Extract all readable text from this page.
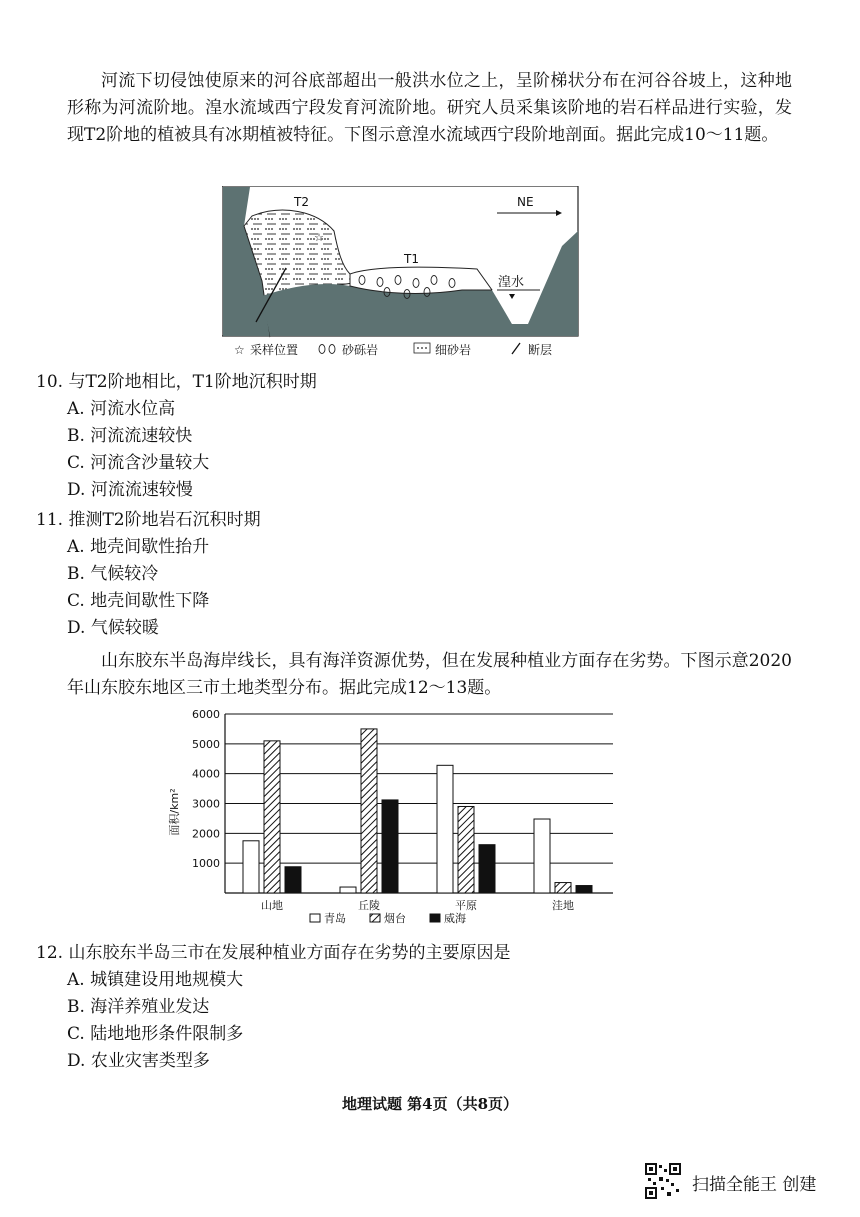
河流下切侵蚀使原来的河谷底部超出一般洪水位之上，呈阶梯状分布在河谷谷坡上，这种地形称为河流阶地。湟水流域西宁段发育河流阶地。研究人员采集该阶地的岩石样品进行实验，发现T2阶地的植被具有冰期植被特征。下图示意湟水流域西宁段阶地剖面。据此完成10～11题。

T2
T1
湟水
☆
NE
☆ 采样位置	砂砾岩	细砂岩	断层
10. 与T2阶地相比，T1阶地沉积时期
A. 河流水位高
B. 河流流速较快
C. 河流含沙量较大
D. 河流流速较慢
11. 推测T2阶地岩石沉积时期
A. 地壳间歇性抬升
B. 气候较冷
C. 地壳间歇性下降
D. 气候较暖

山东胶东半岛海岸线长，具有海洋资源优势，但在发展种植业方面存在劣势。下图示意2020年山东胶东地区三市土地类型分布。据此完成12～13题。

1000
2000
3000
4000
5000
6000
山地	丘陵	平原	洼地
面积/km²
青岛	烟台	威海
12. 山东胶东半岛三市在发展种植业方面存在劣势的主要原因是
A. 城镇建设用地规模大
B. 海洋养殖业发达
C. 陆地地形条件限制多
D. 农业灾害类型多
地理试题 第4页（共8页）
扫描全能王 创建
